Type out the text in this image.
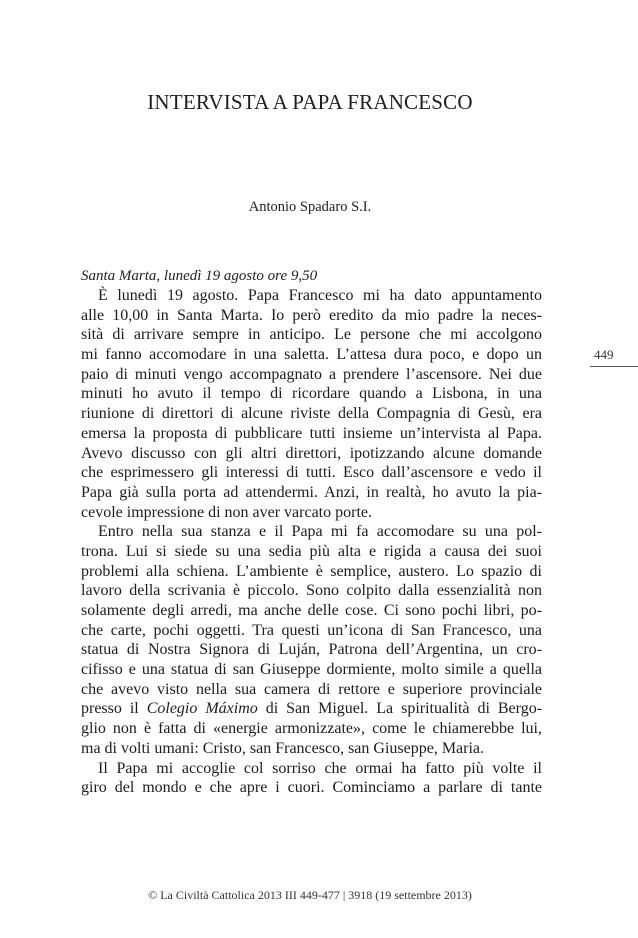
INTERVISTA A PAPA FRANCESCO
Antonio Spadaro S.I.
Santa Marta, lunedì 19 agosto ore 9,50
449
È lunedì 19 agosto. Papa Francesco mi ha dato appuntamento
alle 10,00 in Santa Marta. Io però eredito da mio padre la neces-
sità di arrivare sempre in anticipo. Le persone che mi accolgono
mi fanno accomodare in una saletta. L’attesa dura poco, e dopo un
paio di minuti vengo accompagnato a prendere l’ascensore. Nei due
minuti ho avuto il tempo di ricordare quando a Lisbona, in una
riunione di direttori di alcune riviste della Compagnia di Gesù, era
emersa la proposta di pubblicare tutti insieme un’intervista al Papa.
Avevo discusso con gli altri direttori, ipotizzando alcune domande
che esprimessero gli interessi di tutti. Esco dall’ascensore e vedo il
Papa già sulla porta ad attendermi. Anzi, in realtà, ho avuto la pia-
cevole impressione di non aver varcato porte.
Entro nella sua stanza e il Papa mi fa accomodare su una pol-
trona. Lui si siede su una sedia più alta e rigida a causa dei suoi
problemi alla schiena. L’ambiente è semplice, austero. Lo spazio di
lavoro della scrivania è piccolo. Sono colpito dalla essenzialità non
solamente degli arredi, ma anche delle cose. Ci sono pochi libri, po-
che carte, pochi oggetti. Tra questi un’icona di San Francesco, una
statua di Nostra Signora di Luján, Patrona dell’Argentina, un cro-
cifisso e una statua di san Giuseppe dormiente, molto simile a quella
che avevo visto nella sua camera di rettore e superiore provinciale
presso il Colegio Máximo di San Miguel. La spiritualità di Bergo-
glio non è fatta di «energie armonizzate», come le chiamerebbe lui,
ma di volti umani: Cristo, san Francesco, san Giuseppe, Maria.
Il Papa mi accoglie col sorriso che ormai ha fatto più volte il
giro del mondo e che apre i cuori. Cominciamo a parlare di tante
© La Civiltà Cattolica 2013 III 449-477 | 3918 (19 settembre 2013)
